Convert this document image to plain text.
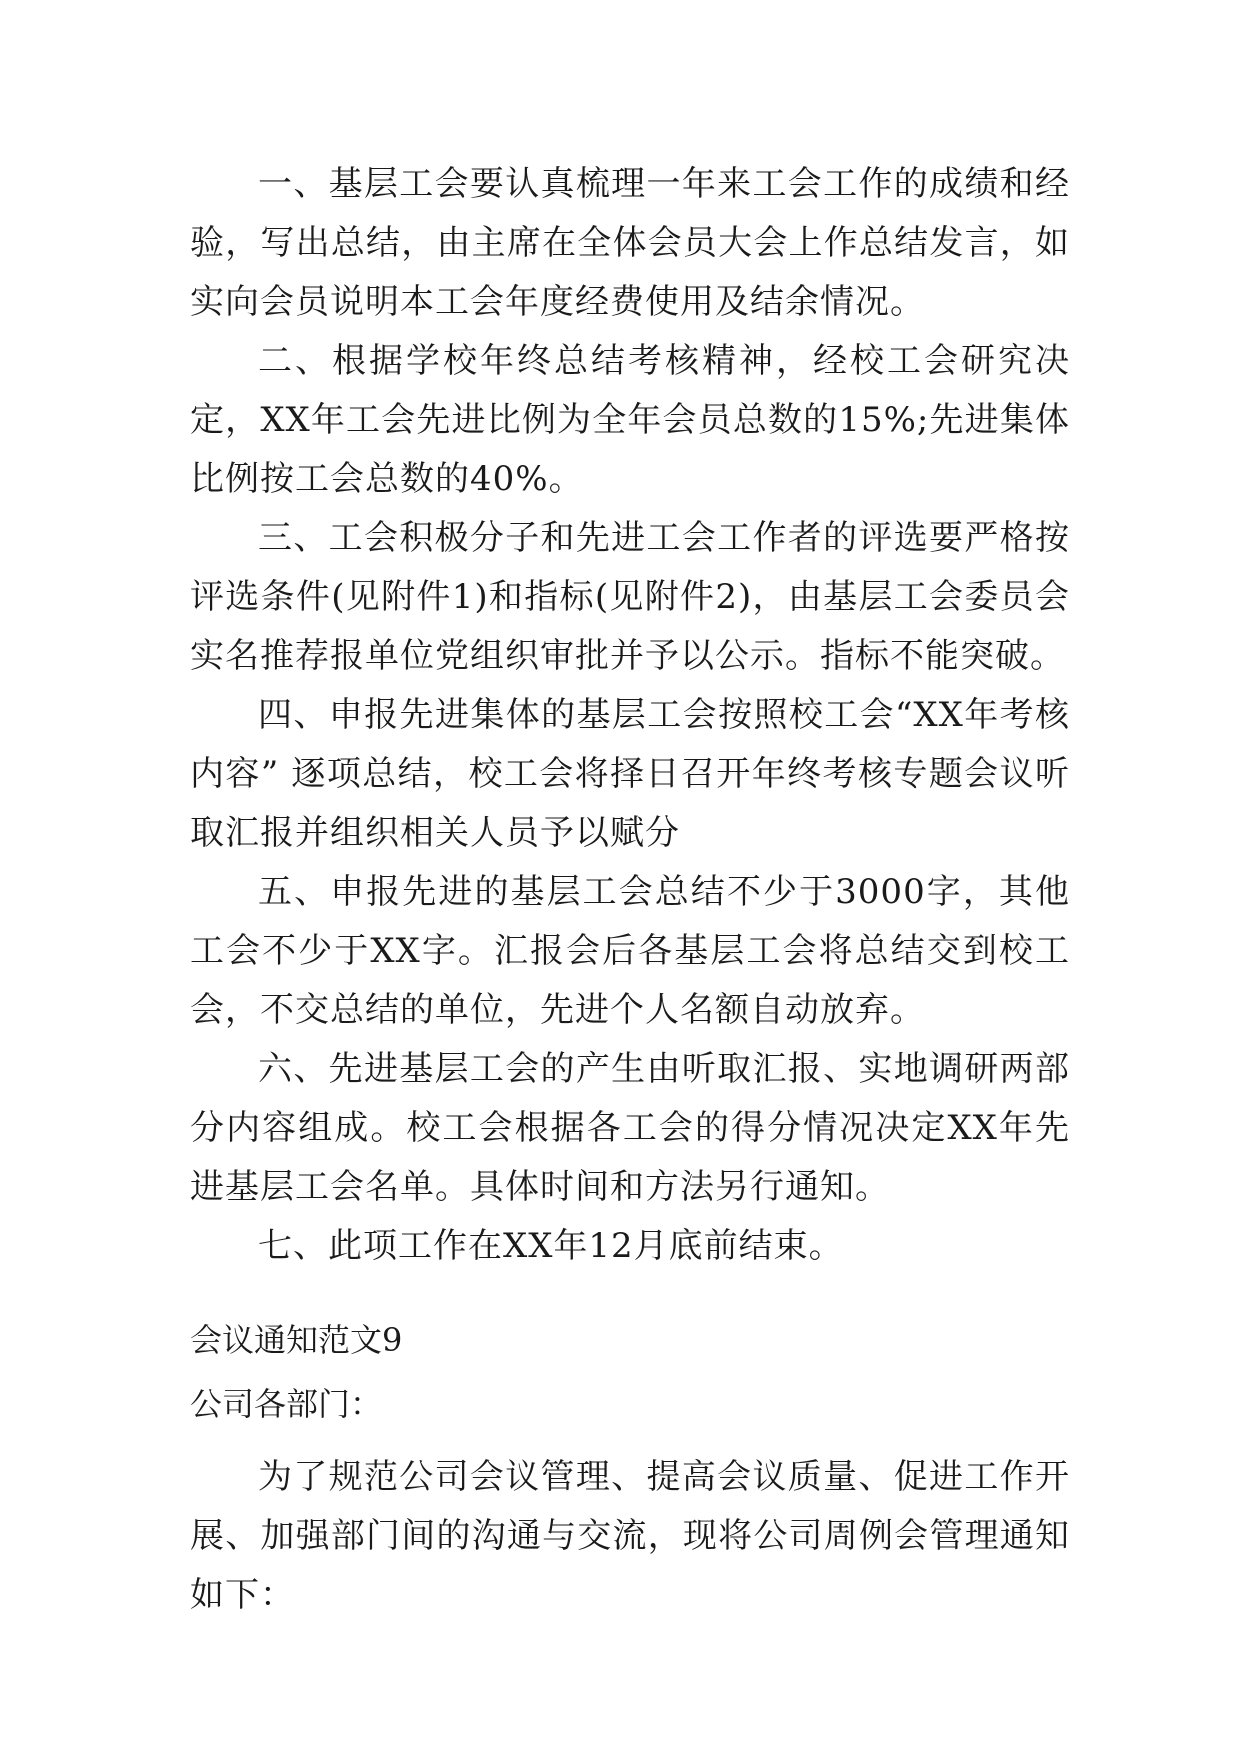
一、基层工会要认真梳理一年来工会工作的成绩和经验，写出总结，由主席在全体会员大会上作总结发言，如实向会员说明本工会年度经费使用及结余情况。

二、根据学校年终总结考核精神，经校工会研究决定，XX年工会先进比例为全年会员总数的15%;先进集体比例按工会总数的40%。

三、工会积极分子和先进工会工作者的评选要严格按评选条件(见附件1)和指标(见附件2)，由基层工会委员会实名推荐报单位党组织审批并予以公示。指标不能突破。

四、申报先进集体的基层工会按照校工会“XX年考核内容” 逐项总结，校工会将择日召开年终考核专题会议听取汇报并组织相关人员予以赋分

五、申报先进的基层工会总结不少于3000字，其他工会不少于XX字。汇报会后各基层工会将总结交到校工会，不交总结的单位，先进个人名额自动放弃。

六、先进基层工会的产生由听取汇报、实地调研两部分内容组成。校工会根据各工会的得分情况决定XX年先进基层工会名单。具体时间和方法另行通知。

七、此项工作在XX年12月底前结束。

会议通知范文9

公司各部门：

为了规范公司会议管理、提高会议质量、促进工作开展、加强部门间的沟通与交流，现将公司周例会管理通知如下：
